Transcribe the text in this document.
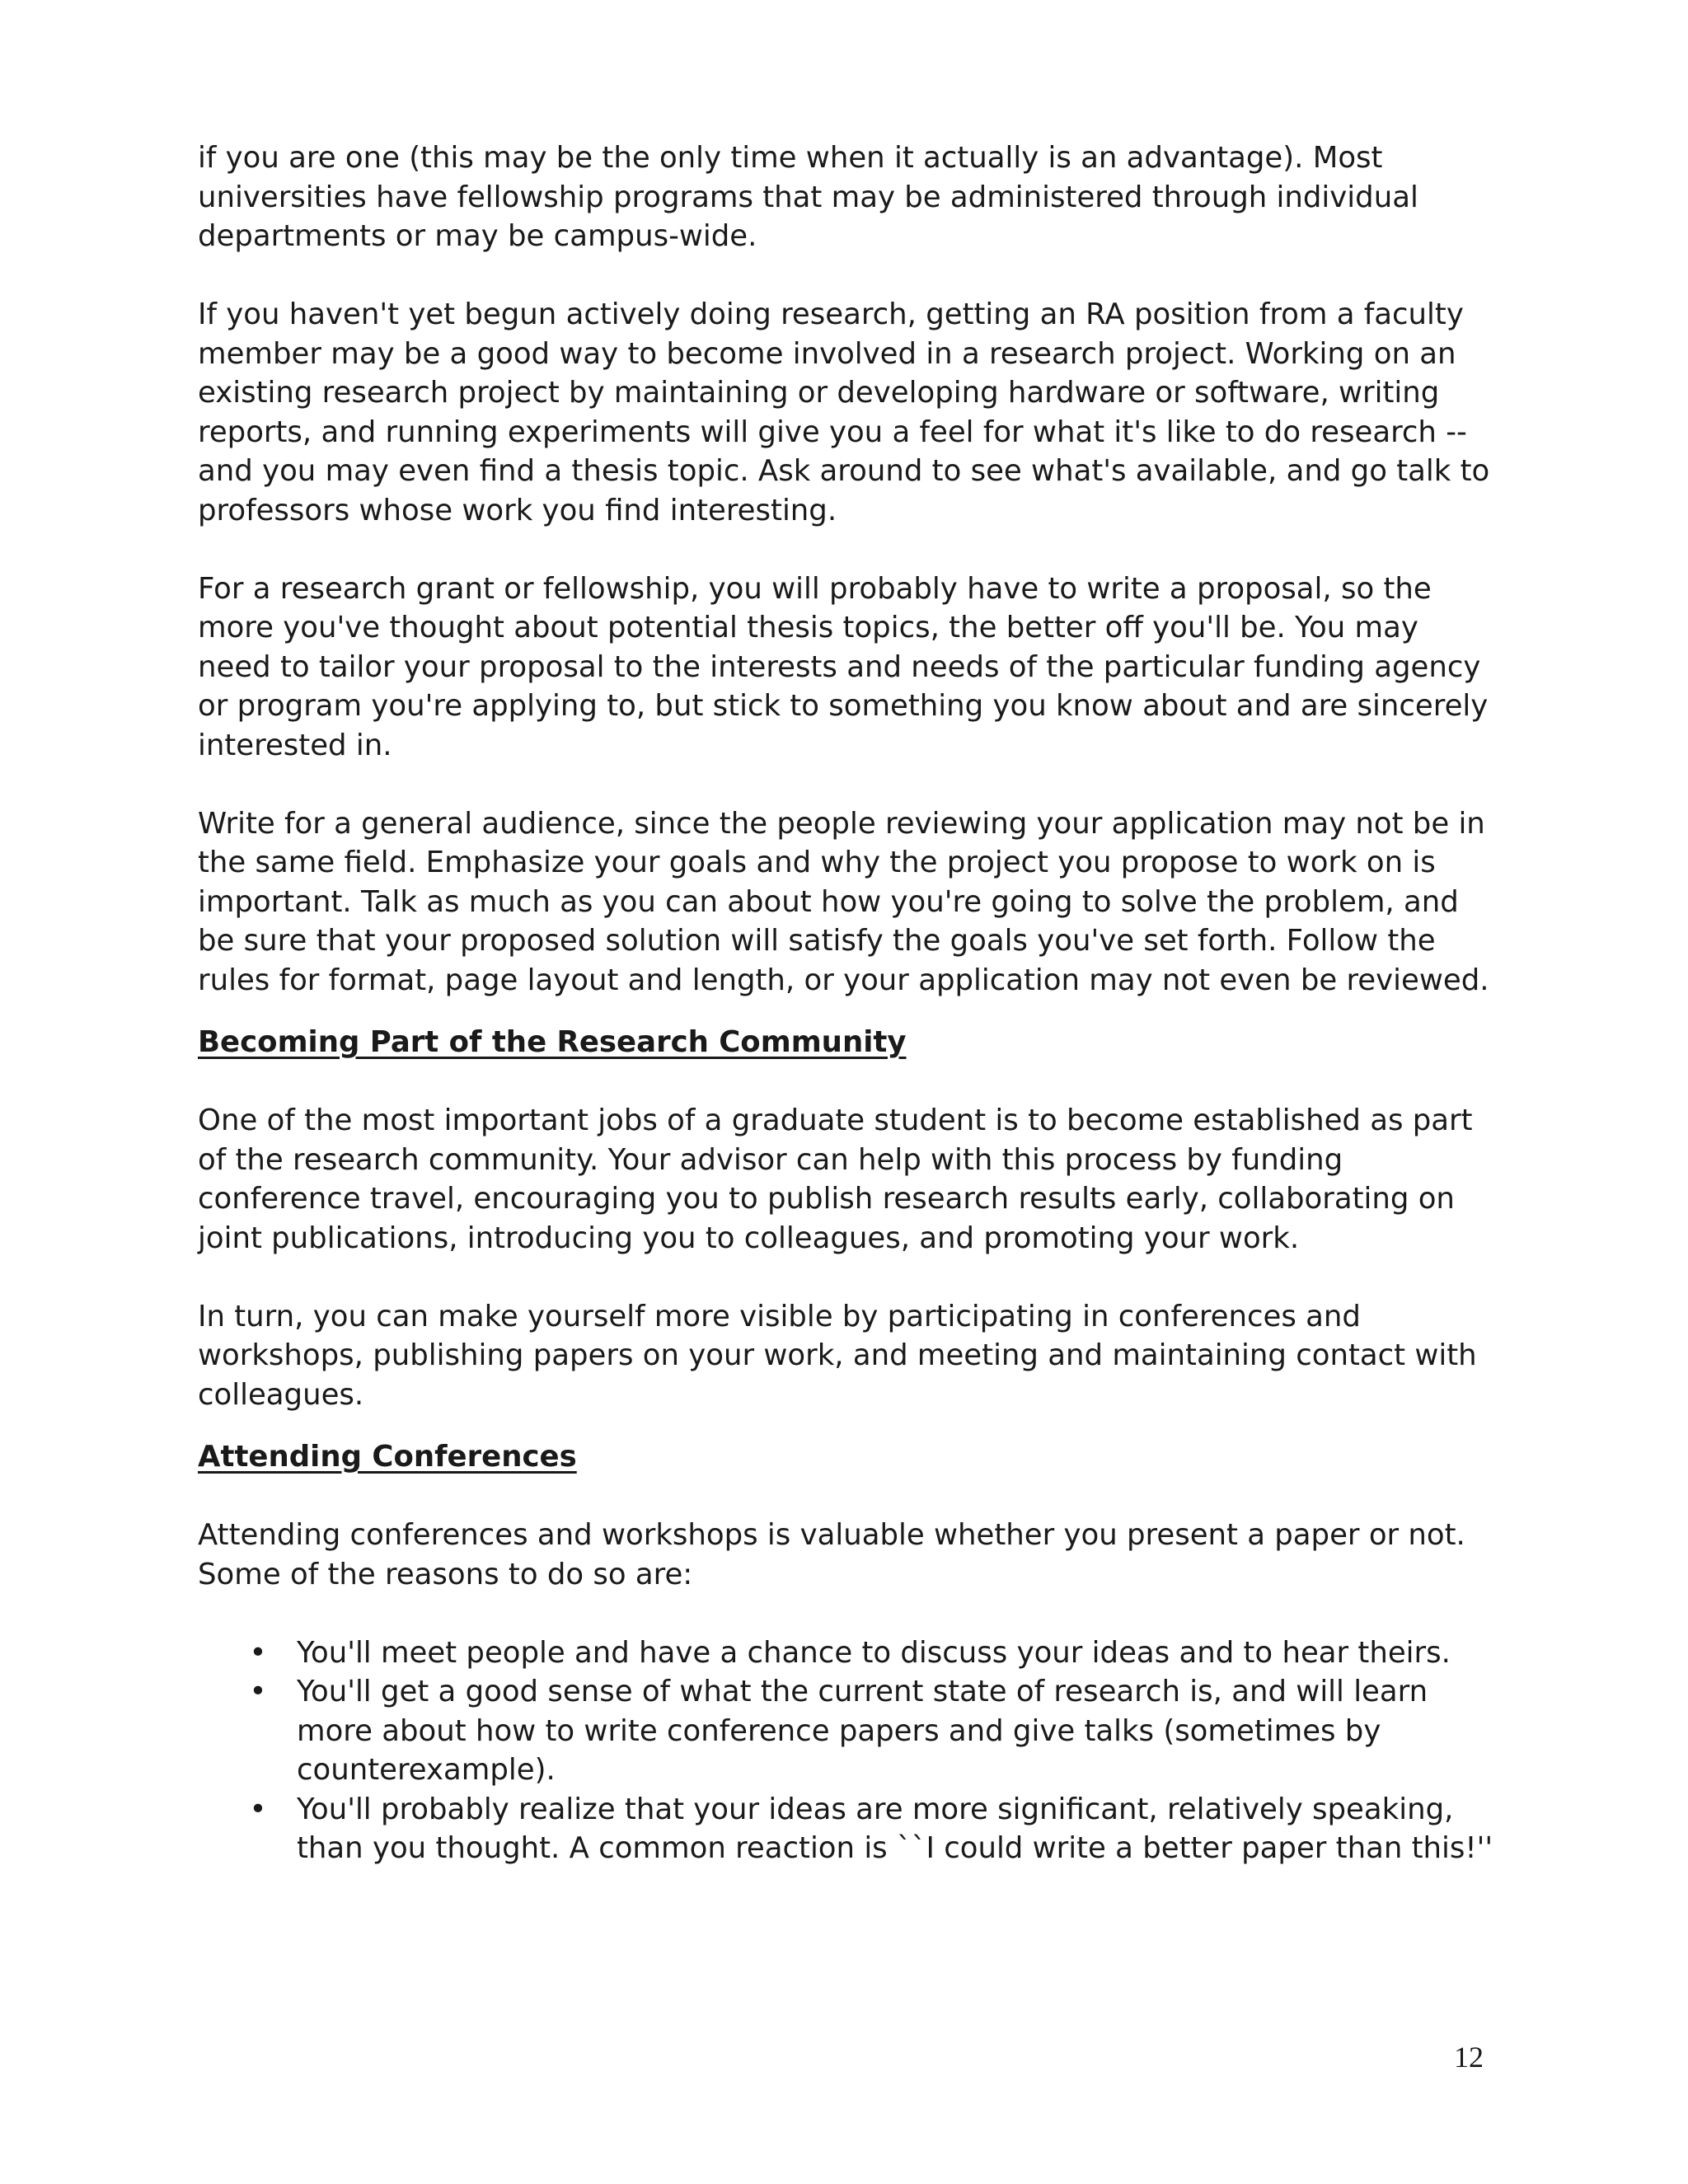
if you are one (this may be the only time when it actually is an advantage). Most universities have fellowship programs that may be administered through individual departments or may be campus-wide.

If you haven't yet begun actively doing research, getting an RA position from a faculty member may be a good way to become involved in a research project. Working on an existing research project by maintaining or developing hardware or software, writing reports, and running experiments will give you a feel for what it's like to do research -- and you may even find a thesis topic. Ask around to see what's available, and go talk to professors whose work you find interesting.

For a research grant or fellowship, you will probably have to write a proposal, so the more you've thought about potential thesis topics, the better off you'll be. You may need to tailor your proposal to the interests and needs of the particular funding agency or program you're applying to, but stick to something you know about and are sincerely interested in.

Write for a general audience, since the people reviewing your application may not be in the same field. Emphasize your goals and why the project you propose to work on is important. Talk as much as you can about how you're going to solve the problem, and be sure that your proposed solution will satisfy the goals you've set forth. Follow the rules for format, page layout and length, or your application may not even be reviewed.

Becoming Part of the Research Community

One of the most important jobs of a graduate student is to become established as part of the research community. Your advisor can help with this process by funding conference travel, encouraging you to publish research results early, collaborating on joint publications, introducing you to colleagues, and promoting your work.

In turn, you can make yourself more visible by participating in conferences and workshops, publishing papers on your work, and meeting and maintaining contact with colleagues.

Attending Conferences

Attending conferences and workshops is valuable whether you present a paper or not. Some of the reasons to do so are:

• You'll meet people and have a chance to discuss your ideas and to hear theirs.
• You'll get a good sense of what the current state of research is, and will learn more about how to write conference papers and give talks (sometimes by counterexample).
• You'll probably realize that your ideas are more significant, relatively speaking, than you thought. A common reaction is ``I could write a better paper than this!''
12
